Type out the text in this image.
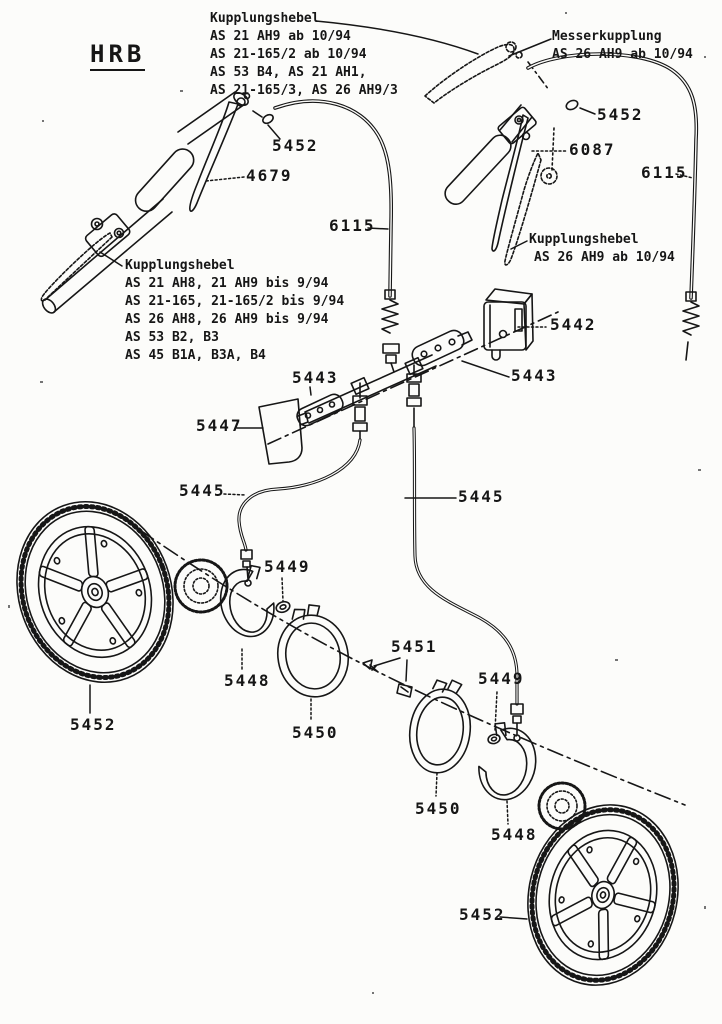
HRB
Kupplungshebel
AS 21 AH9 ab 10/94
AS 21-165/2 ab 10/94
AS 53 B4, AS 21 AH1,
AS 21-165/3, AS 26 AH9/3
Messerkupplung
AS 26 AH9 ab 10/94
Kupplungshebel
AS 21 AH8, 21 AH9 bis 9/94
AS 21-165, 21-165/2 bis 9/94
AS 26 AH8, 26 AH9 bis 9/94
AS 53 B2, B3
AS 45 B1A, B3A, B4
Kupplungshebel
AS 26 AH9 ab 10/94
5452
4679
6115
5452
6087
6115
5442
5443	5443
5447
5445	5445
5449
5451
5449
5448
5452	5450
5450
5448
5452
